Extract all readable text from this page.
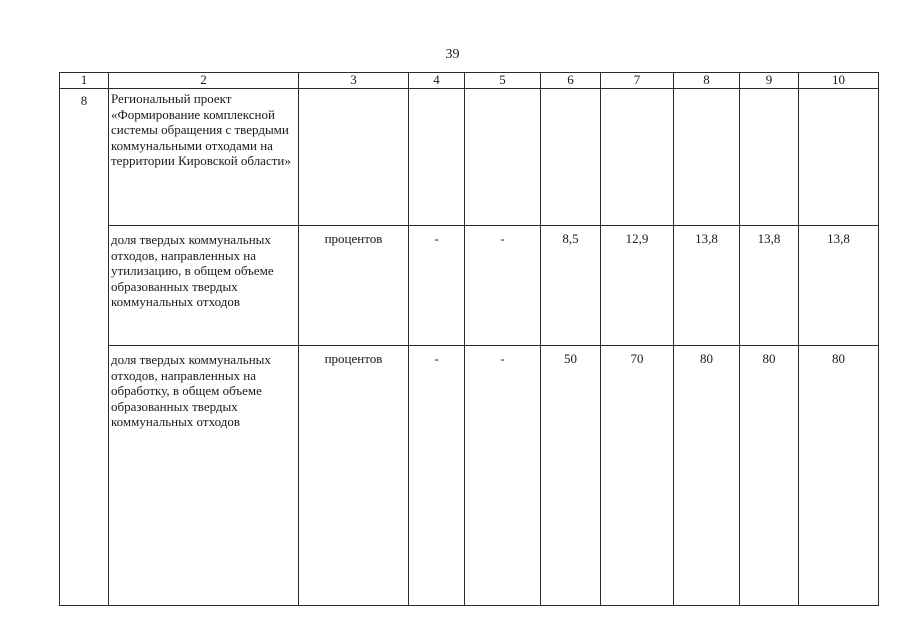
39
1	2	3	4	5	6	7	8	9	10
8	Региональный проект «Формирование комплексной системы обращения с твердыми коммунальными отходами на территории Кировской области»								
	доля твердых коммунальных отходов, направленных на утилизацию, в общем объеме образованных твердых коммунальных отходов	процентов	-	-	8,5	12,9	13,8	13,8	13,8
	доля твердых коммунальных отходов, направленных на обработку, в общем объеме образованных твердых коммунальных отходов	процентов	-	-	50	70	80	80	80
